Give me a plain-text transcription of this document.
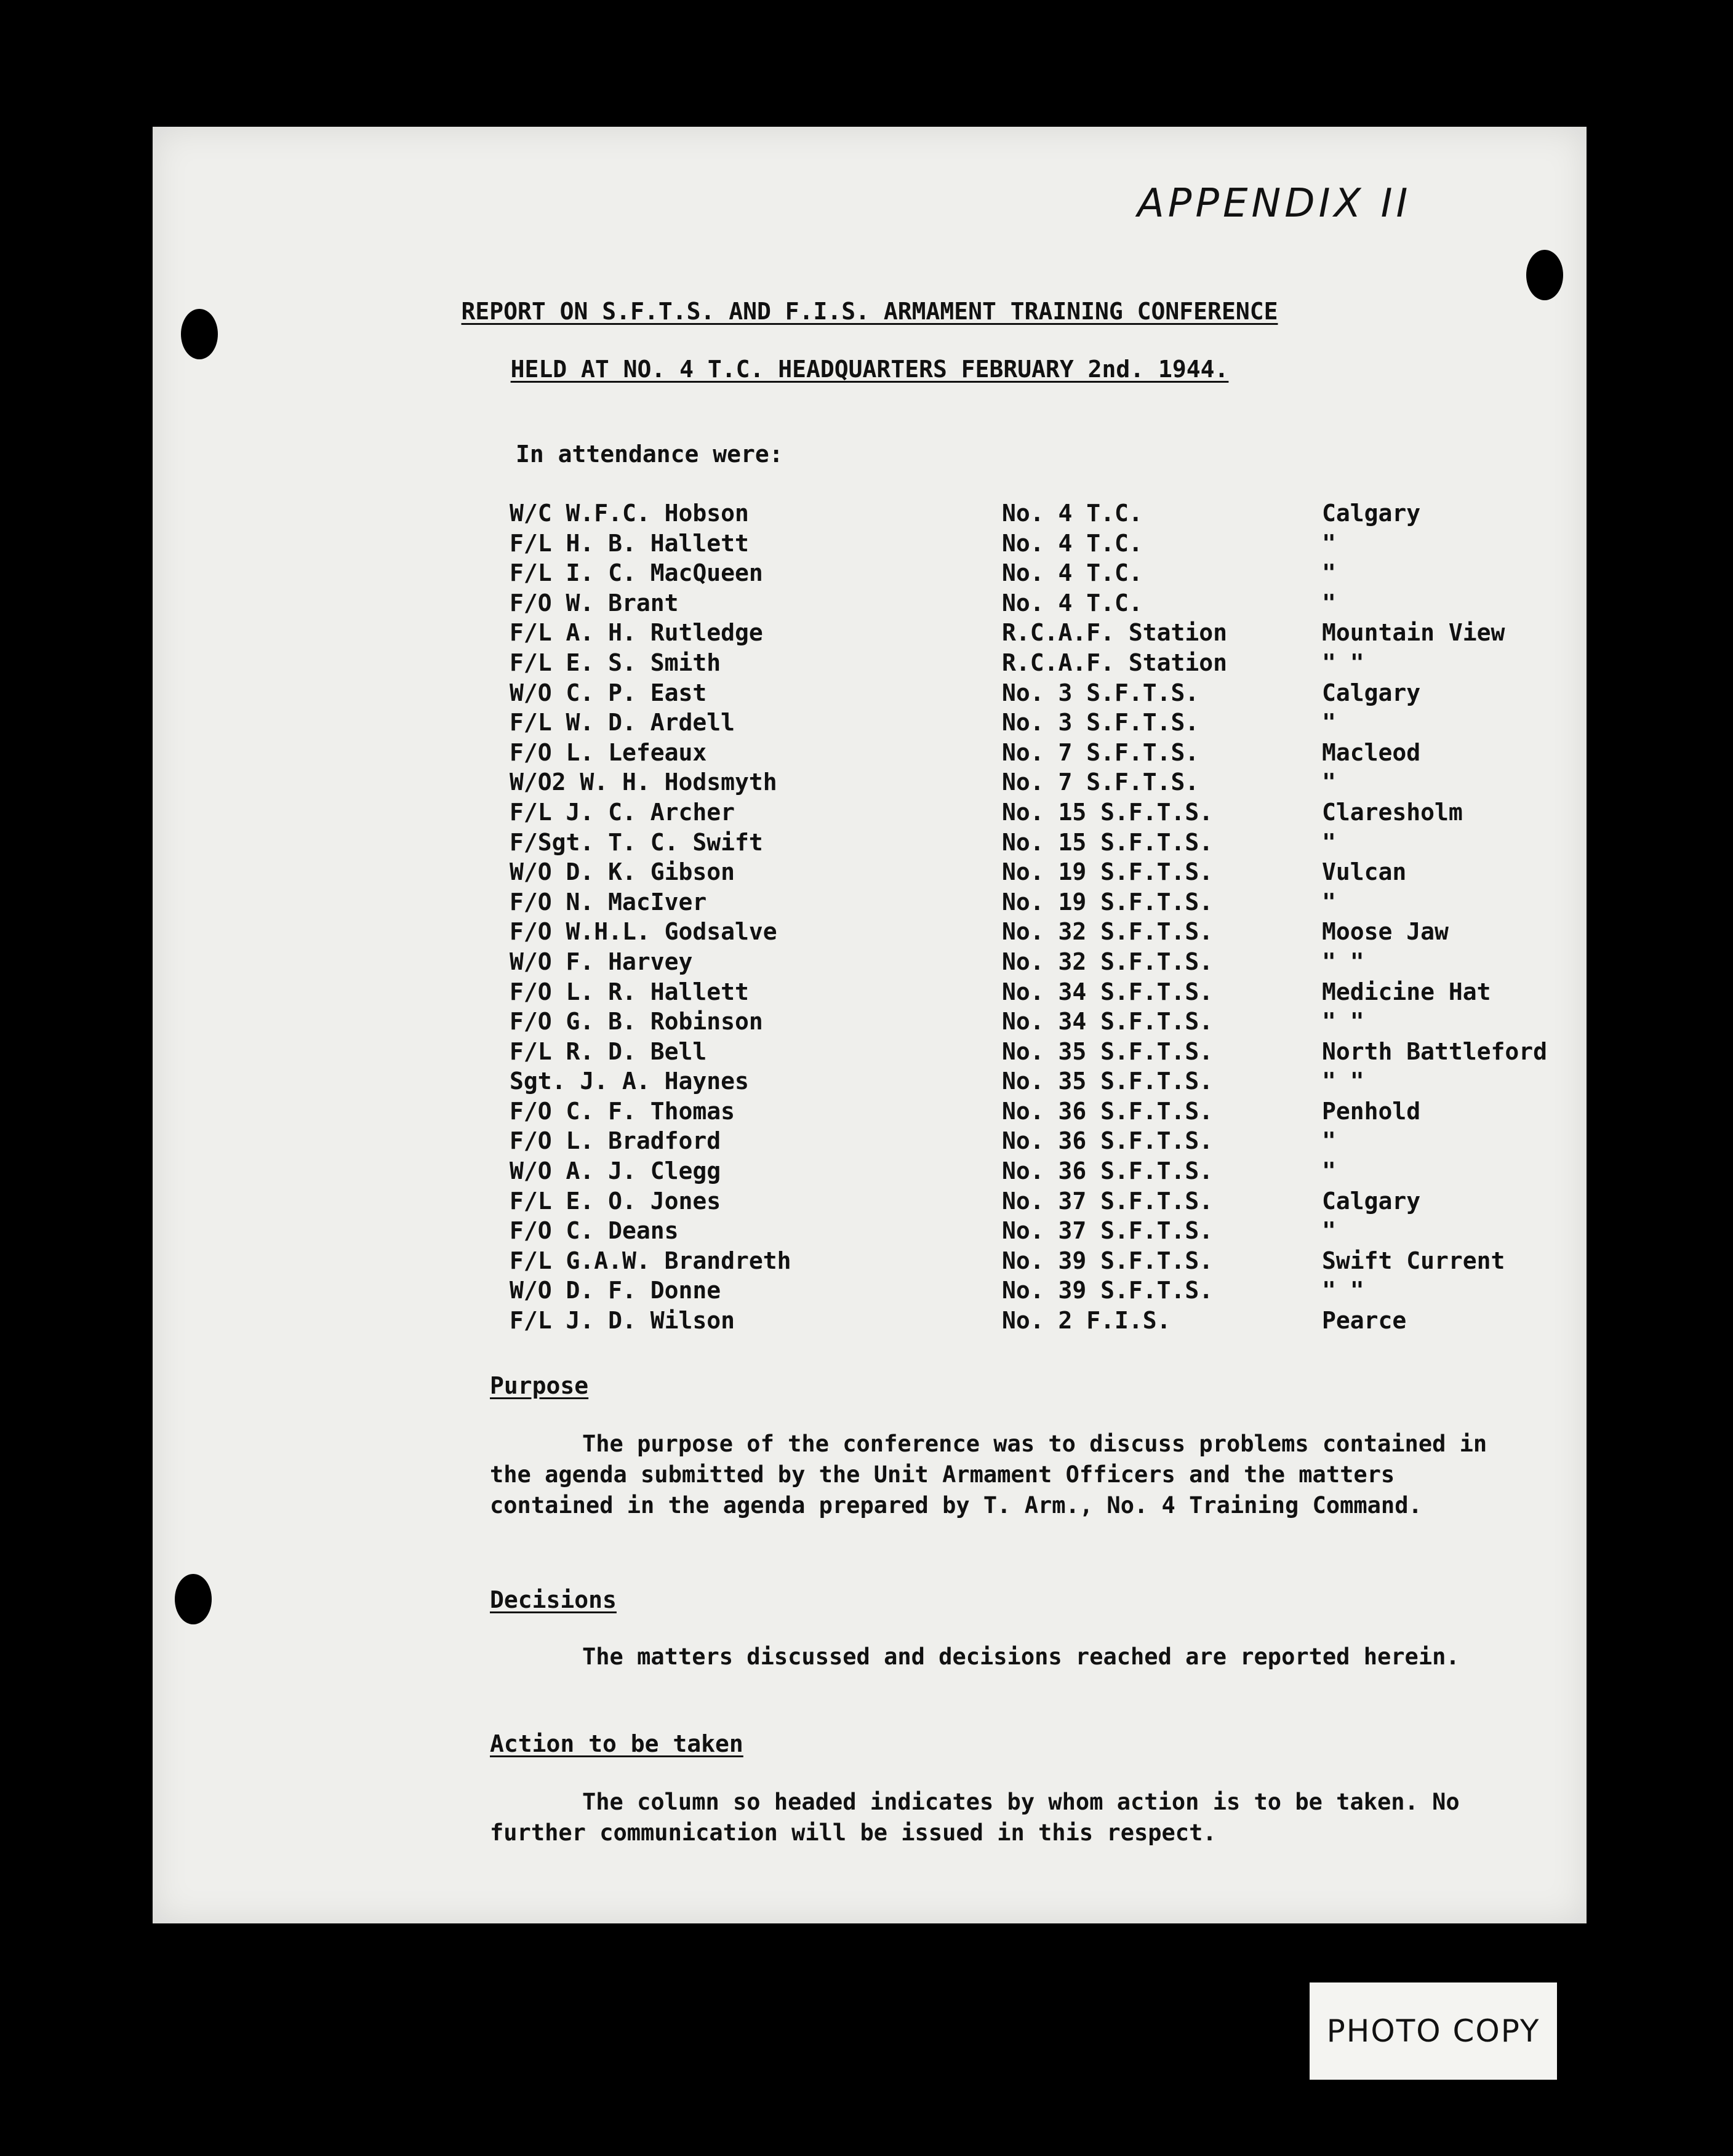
APPENDIX II
REPORT ON S.F.T.S. AND F.I.S. ARMAMENT TRAINING CONFERENCE
HELD AT NO. 4 T.C. HEADQUARTERS FEBRUARY 2nd. 1944.
In attendance were:
W/C W.F.C. Hobson	No. 4 T.C.	Calgary
F/L H. B. Hallett	No. 4 T.C.	"
F/L I. C. MacQueen	No. 4 T.C.	"
F/O W. Brant	No. 4 T.C.	"
F/L A. H. Rutledge	R.C.A.F. Station	Mountain View
F/L E. S. Smith	R.C.A.F. Station	" "
W/O C. P. East	No. 3 S.F.T.S.	Calgary
F/L W. D. Ardell	No. 3 S.F.T.S.	"
F/O L. Lefeaux	No. 7 S.F.T.S.	Macleod
W/O2 W. H. Hodsmyth	No. 7 S.F.T.S.	"
F/L J. C. Archer	No. 15 S.F.T.S.	Claresholm
F/Sgt. T. C. Swift	No. 15 S.F.T.S.	"
W/O D. K. Gibson	No. 19 S.F.T.S.	Vulcan
F/O N. MacIver	No. 19 S.F.T.S.	"
F/O W.H.L. Godsalve	No. 32 S.F.T.S.	Moose Jaw
W/O F. Harvey	No. 32 S.F.T.S.	" "
F/O L. R. Hallett	No. 34 S.F.T.S.	Medicine Hat
F/O G. B. Robinson	No. 34 S.F.T.S.	" "
F/L R. D. Bell	No. 35 S.F.T.S.	North Battleford
Sgt. J. A. Haynes	No. 35 S.F.T.S.	" "
F/O C. F. Thomas	No. 36 S.F.T.S.	Penhold
F/O L. Bradford	No. 36 S.F.T.S.	"
W/O A. J. Clegg	No. 36 S.F.T.S.	"
F/L E. O. Jones	No. 37 S.F.T.S.	Calgary
F/O C. Deans	No. 37 S.F.T.S.	"
F/L G.A.W. Brandreth	No. 39 S.F.T.S.	Swift Current
W/O D. F. Donne	No. 39 S.F.T.S.	" "
F/L J. D. Wilson	No. 2 F.I.S.	Pearce
Purpose
The purpose of the conference was to discuss problems contained in the agenda submitted by the Unit Armament Officers and the matters contained in the agenda prepared by T. Arm., No. 4 Training Command.
Decisions
The matters discussed and decisions reached are reported herein.
Action to be taken
The column so headed indicates by whom action is to be taken. No further communication will be issued in this respect.
PHOTO COPY
